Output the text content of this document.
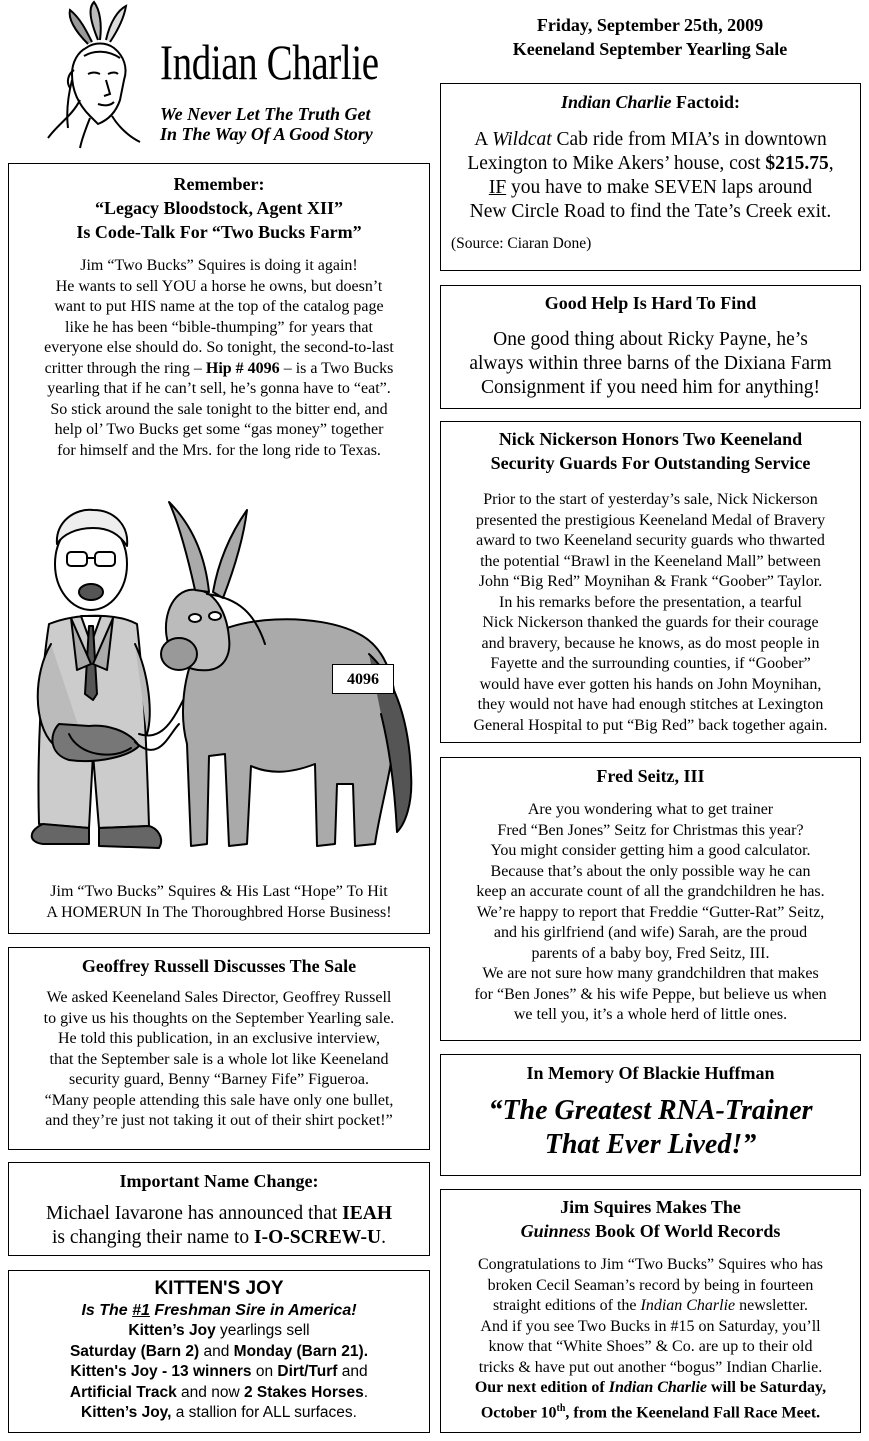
Indian Charlie
We Never Let The Truth Get
In The Way Of A Good Story
Friday, September 25th, 2009
Keeneland September Yearling Sale
Remember:
“Legacy Bloodstock, Agent XII”
Is Code-Talk For “Two Bucks Farm”
Jim “Two Bucks” Squires is doing it again!
He wants to sell YOU a horse he owns, but doesn’t
want to put HIS name at the top of the catalog page
like he has been “bible-thumping” for years that
everyone else should do. So tonight, the second-to-last
critter through the ring – Hip # 4096 – is a Two Bucks
yearling that if he can’t sell, he’s gonna have to “eat”.
So stick around the sale tonight to the bitter end, and
help ol’ Two Bucks get some “gas money” together
for himself and the Mrs. for the long ride to Texas.
4096
Jim “Two Bucks” Squires & His Last “Hope” To Hit
A HOMERUN In The Thoroughbred Horse Business!
Geoffrey Russell Discusses The Sale
We asked Keeneland Sales Director, Geoffrey Russell
to give us his thoughts on the September Yearling sale.
He told this publication, in an exclusive interview,
that the September sale is a whole lot like Keeneland
security guard, Benny “Barney Fife” Figueroa.
“Many people attending this sale have only one bullet,
and they’re just not taking it out of their shirt pocket!”
Important Name Change:
Michael Iavarone has announced that IEAH
is changing their name to I-O-SCREW-U.
KITTEN'S JOY
Is The #1 Freshman Sire in America!
Kitten’s Joy yearlings sell
Saturday (Barn 2) and Monday (Barn 21).
Kitten's Joy - 13 winners on Dirt/Turf and
Artificial Track and now 2 Stakes Horses.
Kitten’s Joy, a stallion for ALL surfaces.
Indian Charlie Factoid:
A Wildcat Cab ride from MIA’s in downtown
Lexington to Mike Akers’ house, cost $215.75,
IF you have to make SEVEN laps around
New Circle Road to find the Tate’s Creek exit.
(Source: Ciaran Done)
Good Help Is Hard To Find
One good thing about Ricky Payne, he’s
always within three barns of the Dixiana Farm
Consignment if you need him for anything!
Nick Nickerson Honors Two Keeneland
Security Guards For Outstanding Service
Prior to the start of yesterday’s sale, Nick Nickerson
presented the prestigious Keeneland Medal of Bravery
award to two Keeneland security guards who thwarted
the potential “Brawl in the Keeneland Mall” between
John “Big Red” Moynihan & Frank “Goober” Taylor.
In his remarks before the presentation, a tearful
Nick Nickerson thanked the guards for their courage
and bravery, because he knows, as do most people in
Fayette and the surrounding counties, if “Goober”
would have ever gotten his hands on John Moynihan,
they would not have had enough stitches at Lexington
General Hospital to put “Big Red” back together again.
Fred Seitz, III
Are you wondering what to get trainer
Fred “Ben Jones” Seitz for Christmas this year?
You might consider getting him a good calculator.
Because that’s about the only possible way he can
keep an accurate count of all the grandchildren he has.
We’re happy to report that Freddie “Gutter-Rat” Seitz,
and his girlfriend (and wife) Sarah, are the proud
parents of a baby boy, Fred Seitz, III.
We are not sure how many grandchildren that makes
for “Ben Jones” & his wife Peppe, but believe us when
we tell you, it’s a whole herd of little ones.
In Memory Of Blackie Huffman
“The Greatest RNA-Trainer
That Ever Lived!”
Jim Squires Makes The
Guinness Book Of World Records
Congratulations to Jim “Two Bucks” Squires who has
broken Cecil Seaman’s record by being in fourteen
straight editions of the Indian Charlie newsletter.
And if you see Two Bucks in #15 on Saturday, you’ll
know that “White Shoes” & Co. are up to their old
tricks & have put out another “bogus” Indian Charlie.
Our next edition of Indian Charlie will be Saturday,
October 10th, from the Keeneland Fall Race Meet.
